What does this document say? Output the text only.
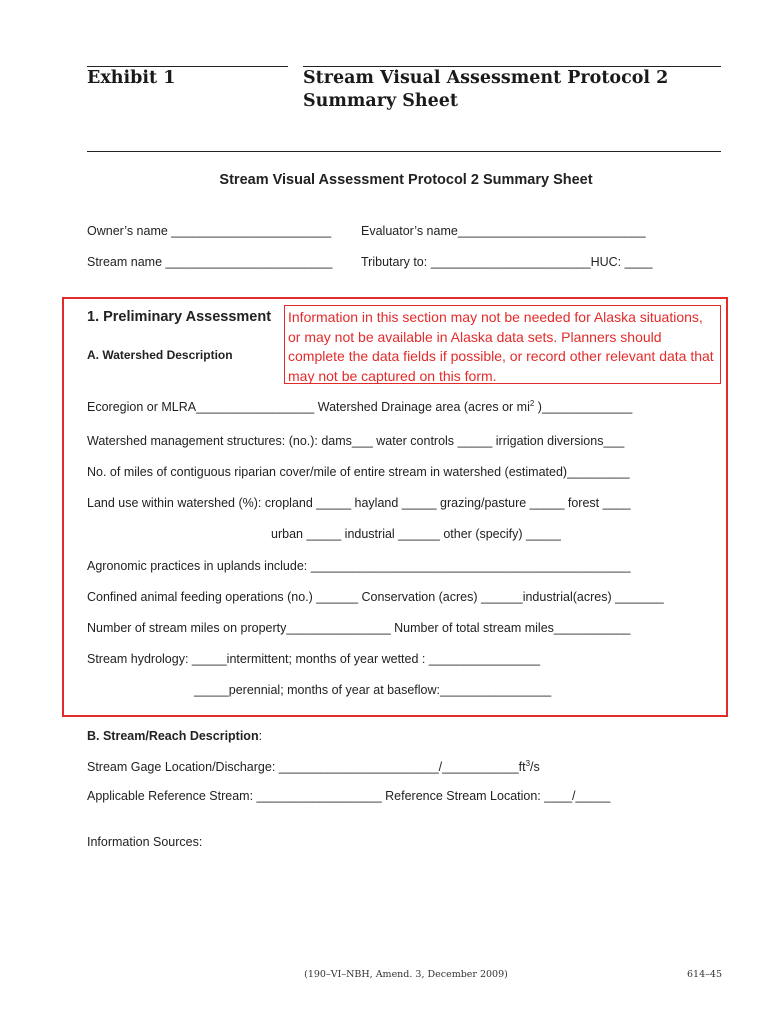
Exhibit 1	Stream Visual Assessment Protocol 2
Summary Sheet
Stream Visual Assessment Protocol 2 Summary Sheet
Owner’s name _______________________ Evaluator’s name___________________________
Stream name ________________________ Tributary to: _______________________HUC: ____
1. Preliminary Assessment
A. Watershed Description
Information in this section may not be needed for Alaska situations, or may not be available in Alaska data sets. Planners should complete the data fields if possible, or record other relevant data that may not be captured on this form.
Ecoregion or MLRA_________________ Watershed Drainage area (acres or $mi^2$ )_____________
Watershed management structures: (no.): dams___ water controls _____ irrigation diversions___
No. of miles of contiguous riparian cover/mile of entire stream in watershed (estimated)_________
Land use within watershed (%): cropland _____ hayland _____ grazing/pasture _____ forest ____
urban _____ industrial ______ other (specify) _____
Agronomic practices in uplands include: ______________________________________________
Confined animal feeding operations (no.) ______ Conservation (acres) ______industrial(acres) _______
Number of stream miles on property_______________ Number of total stream miles___________
Stream hydrology: _____intermittent; months of year wetted : ________________
_____perennial; months of year at baseflow:________________
B. Stream/Reach Description:
Stream Gage Location/Discharge: $\_\_\_\_\_\_\_\_\_\_\_\_\_\_\_\_\_\_\_\_\_\_\_/\_\_\_\_\_\_\_\_\_\_\_ft^3/s$
Applicable Reference Stream: __________________ Reference Stream Location: ____/_____
Information Sources:
(190–VI–NBH, Amend. 3, December 2009)	614–45
